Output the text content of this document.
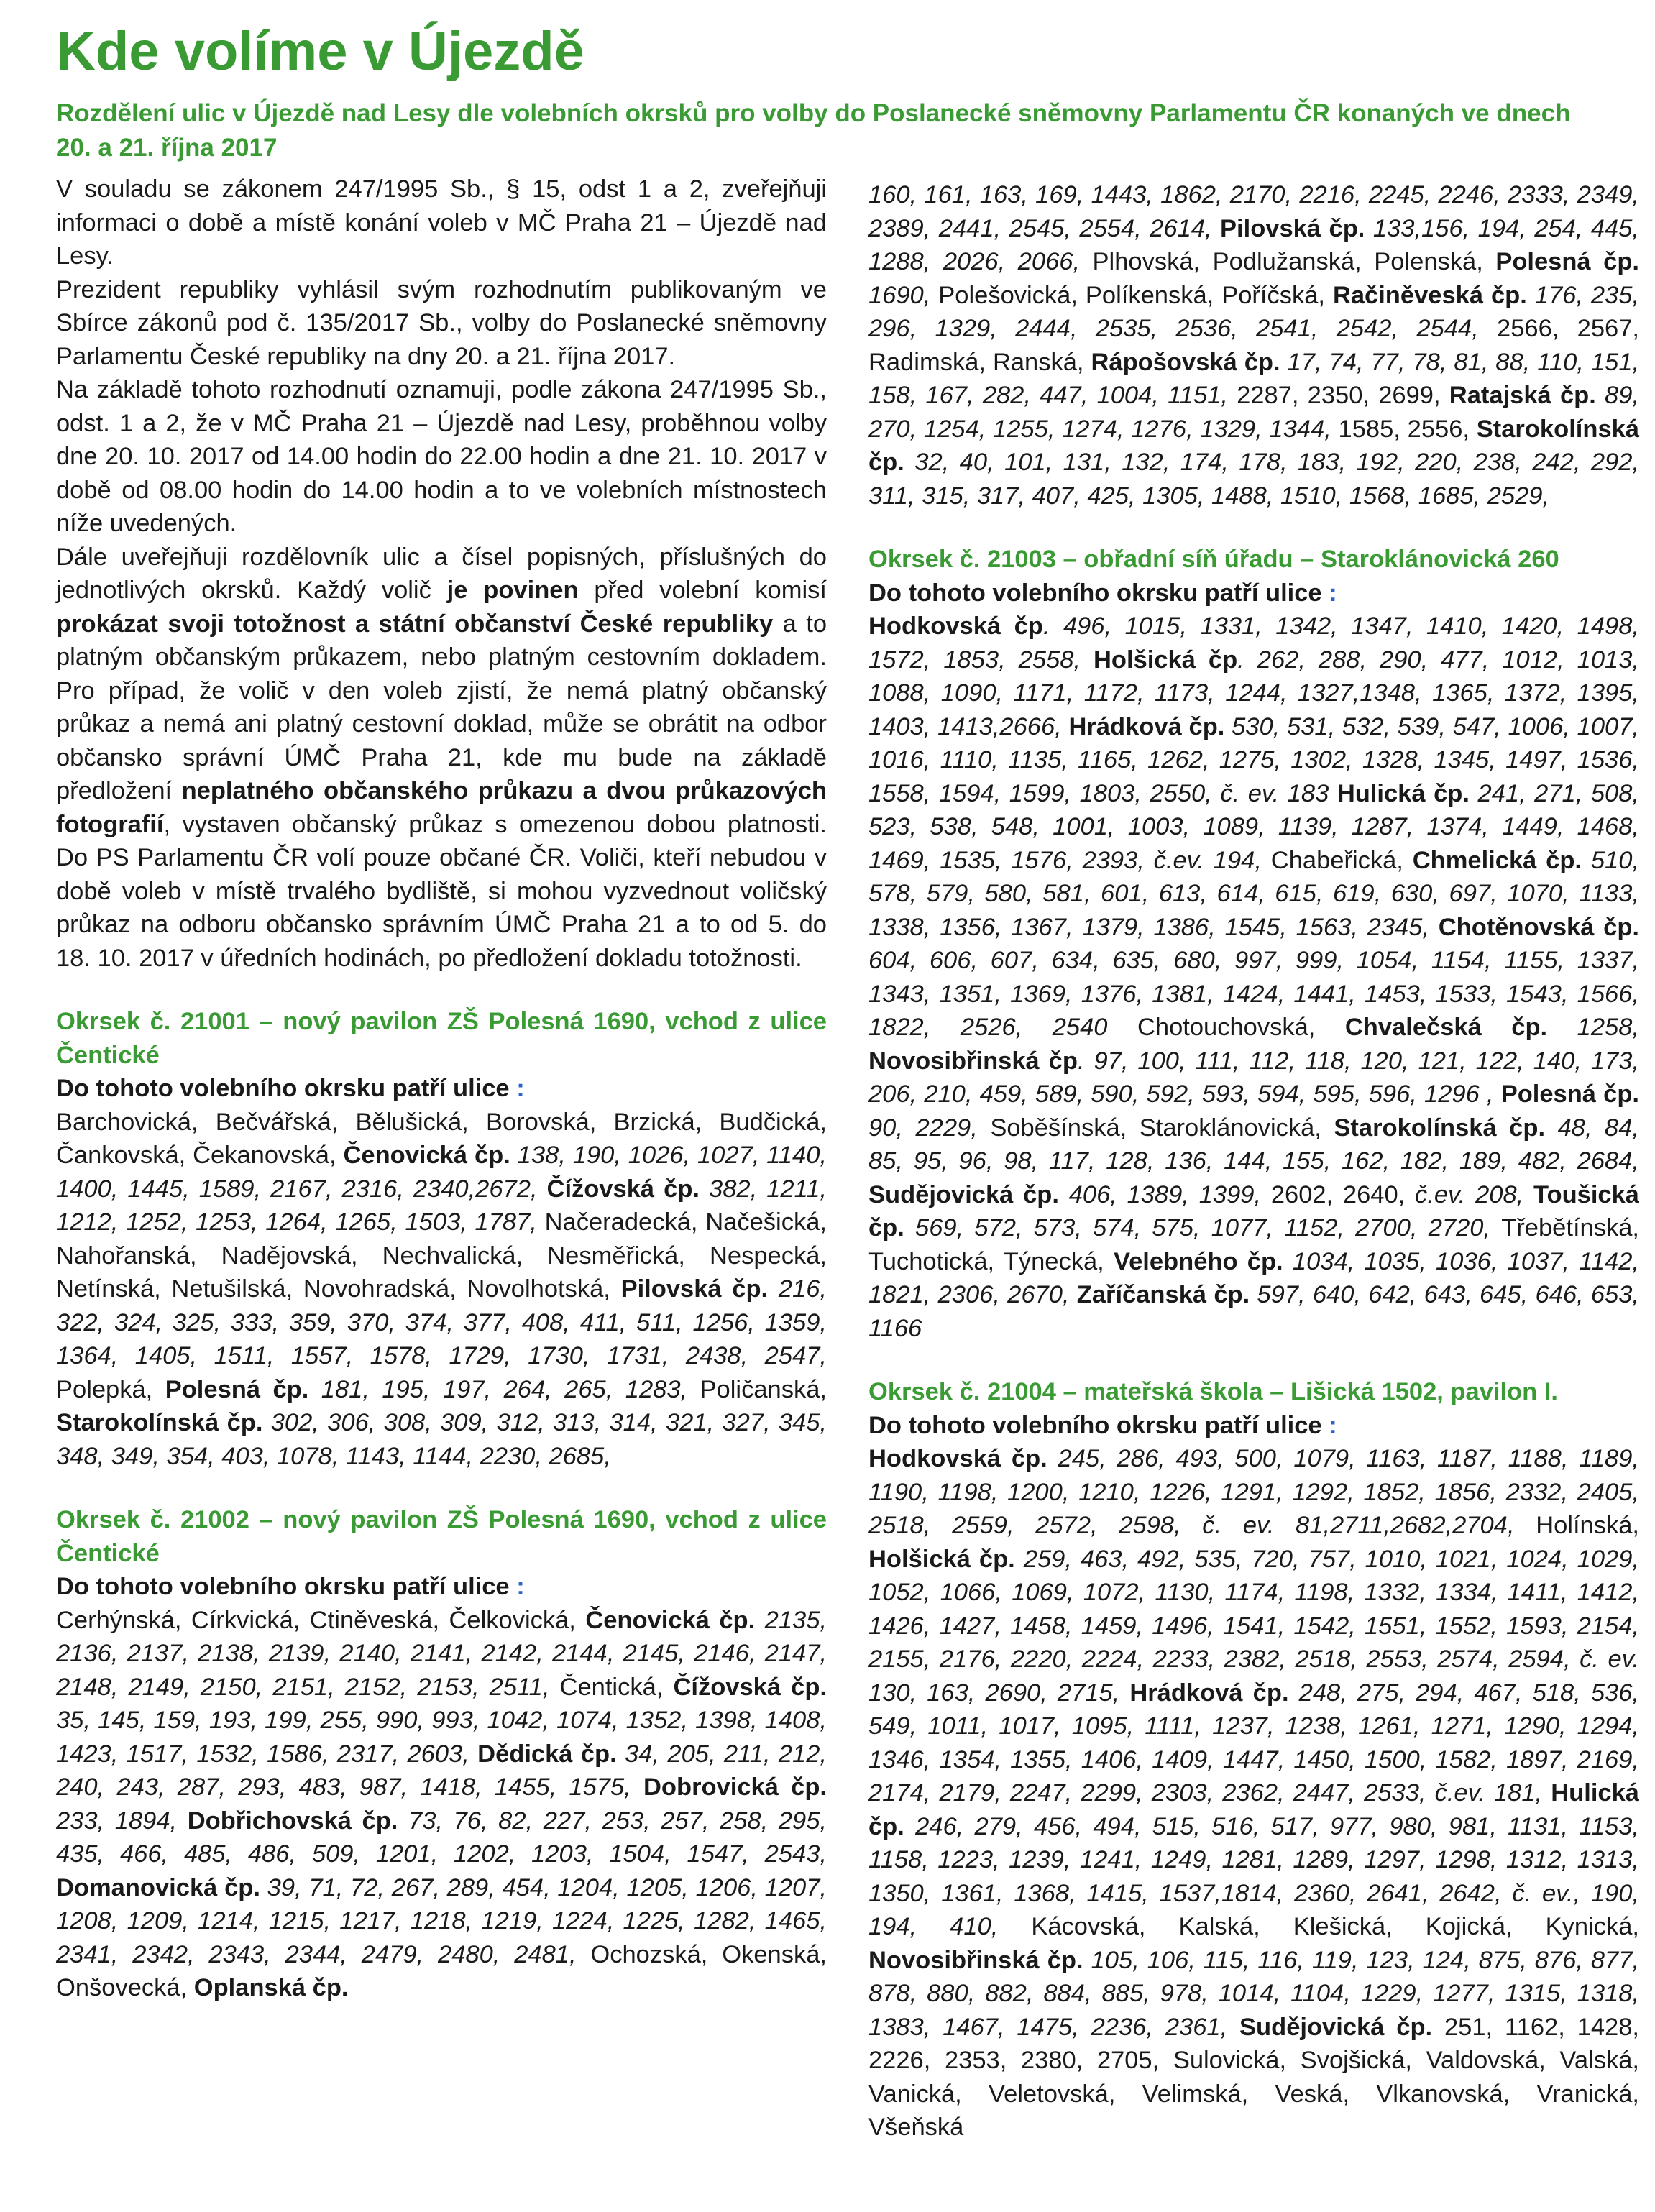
Kde volíme v Újezdě

Rozdělení ulic v Újezdě nad Lesy dle volebních okrsků pro volby do Poslanecké sněmovny Parlamentu ČR konaných ve dnech 20. a 21. října 2017

V souladu se zákonem 247/1995 Sb., § 15, odst 1 a 2, zveřejňuji informaci o době a místě konání voleb v MČ Praha 21 – Újezdě nad Lesy.

Prezident republiky vyhlásil svým rozhodnutím publikovaným ve Sbírce zákonů pod č. 135/2017 Sb., volby do Poslanecké sněmovny Parlamentu České republiky na dny 20. a 21. října 2017.

Na základě tohoto rozhodnutí oznamuji, podle zákona 247/1995 Sb., odst. 1 a 2, že v MČ Praha 21 – Újezdě nad Lesy, proběhnou volby dne 20. 10. 2017 od 14.00 hodin do 22.00 hodin a dne 21. 10. 2017 v době od 08.00 hodin do 14.00 hodin a to ve volebních místnostech níže uvedených.

Dále uveřejňuji rozdělovník ulic a čísel popisných, příslušných do jednotlivých okrsků. Každý volič je povinen před volební komisí prokázat svoji totožnost a státní občanství České republiky a to platným občanským průkazem, nebo platným cestovním dokladem. Pro případ, že volič v den voleb zjistí, že nemá platný občanský průkaz a nemá ani platný cestovní doklad, může se obrátit na odbor občansko správní ÚMČ Praha 21, kde mu bude na základě předložení neplatného občanského průkazu a dvou průkazových fotografií, vystaven občanský průkaz s omezenou dobou platnosti. Do PS Parlamentu ČR volí pouze občané ČR. Voliči, kteří nebudou v době voleb v místě trvalého bydliště, si mohou vyzvednout voličský průkaz na odboru občansko správním ÚMČ Praha 21 a to od 5. do 18. 10. 2017 v úředních hodinách, po předložení dokladu totožnosti.

Okrsek č. 21001 – nový pavilon ZŠ Polesná 1690, vchod z ulice Čentické

Do tohoto volebního okrsku patří ulice :

Barchovická, Bečvářská, Bělušická, Borovská, Brzická, Budčická, Čankovská, Čekanovská, Čenovická čp. 138, 190, 1026, 1027, 1140, 1400, 1445, 1589, 2167, 2316, 2340,2672, Čížovská čp. 382, 1211, 1212, 1252, 1253, 1264, 1265, 1503, 1787, Načeradecká, Načešická, Nahořanská, Nadějovská, Nechvalická, Nesměřická, Nespecká, Netínská, Netušilská, Novohradská, Novolhotská, Pilovská čp. 216, 322, 324, 325, 333, 359, 370, 374, 377, 408, 411, 511, 1256, 1359, 1364, 1405, 1511, 1557, 1578, 1729, 1730, 1731, 2438, 2547, Polepká, Polesná čp. 181, 195, 197, 264, 265, 1283, Poličanská, Starokolínská čp. 302, 306, 308, 309, 312, 313, 314, 321, 327, 345, 348, 349, 354, 403, 1078, 1143, 1144, 2230, 2685,

Okrsek č. 21002 – nový pavilon ZŠ Polesná 1690, vchod z ulice Čentické

Do tohoto volebního okrsku patří ulice :

Cerhýnská, Církvická, Ctiněveská, Čelkovická, Čenovická čp. 2135, 2136, 2137, 2138, 2139, 2140, 2141, 2142, 2144, 2145, 2146, 2147, 2148, 2149, 2150, 2151, 2152, 2153, 2511, Čentická, Čížovská čp. 35, 145, 159, 193, 199, 255, 990, 993, 1042, 1074, 1352, 1398, 1408, 1423, 1517, 1532, 1586, 2317, 2603, Dědická čp. 34, 205, 211, 212, 240, 243, 287, 293, 483, 987, 1418, 1455, 1575, Dobrovická čp. 233, 1894, Dobřichovská čp. 73, 76, 82, 227, 253, 257, 258, 295, 435, 466, 485, 486, 509, 1201, 1202, 1203, 1504, 1547, 2543, Domanovická čp. 39, 71, 72, 267, 289, 454, 1204, 1205, 1206, 1207, 1208, 1209, 1214, 1215, 1217, 1218, 1219, 1224, 1225, 1282, 1465, 2341, 2342, 2343, 2344, 2479, 2480, 2481, Ochozská, Okenská, Onšovecká, Oplanská čp.

160, 161, 163, 169, 1443, 1862, 2170, 2216, 2245, 2246, 2333, 2349, 2389, 2441, 2545, 2554, 2614, Pilovská čp. 133,156, 194, 254, 445, 1288, 2026, 2066, Plhovská, Podlužanská, Polenská, Polesná čp. 1690, Polešovická, Políkenská, Poříčská, Račiněveská čp. 176, 235, 296, 1329, 2444, 2535, 2536, 2541, 2542, 2544, 2566, 2567, Radimská, Ranská, Rápošovská čp. 17, 74, 77, 78, 81, 88, 110, 151, 158, 167, 282, 447, 1004, 1151, 2287, 2350, 2699, Ratajská čp. 89, 270, 1254, 1255, 1274, 1276, 1329, 1344, 1585, 2556, Starokolínská čp. 32, 40, 101, 131, 132, 174, 178, 183, 192, 220, 238, 242, 292, 311, 315, 317, 407, 425, 1305, 1488, 1510, 1568, 1685, 2529,

Okrsek č. 21003 – obřadní síň úřadu – Staroklánovická 260

Do tohoto volebního okrsku patří ulice :

Hodkovská čp. 496, 1015, 1331, 1342, 1347, 1410, 1420, 1498, 1572, 1853, 2558, Holšická čp. 262, 288, 290, 477, 1012, 1013, 1088, 1090, 1171, 1172, 1173, 1244, 1327,1348, 1365, 1372, 1395, 1403, 1413,2666, Hrádková čp. 530, 531, 532, 539, 547, 1006, 1007, 1016, 1110, 1135, 1165, 1262, 1275, 1302, 1328, 1345, 1497, 1536, 1558, 1594, 1599, 1803, 2550, č. ev. 183 Hulická čp. 241, 271, 508, 523, 538, 548, 1001, 1003, 1089, 1139, 1287, 1374, 1449, 1468, 1469, 1535, 1576, 2393, č.ev. 194, Chabeřická, Chmelická čp. 510, 578, 579, 580, 581, 601, 613, 614, 615, 619, 630, 697, 1070, 1133, 1338, 1356, 1367, 1379, 1386, 1545, 1563, 2345, Chotěnovská čp. 604, 606, 607, 634, 635, 680, 997, 999, 1054, 1154, 1155, 1337, 1343, 1351, 1369, 1376, 1381, 1424, 1441, 1453, 1533, 1543, 1566, 1822, 2526, 2540 Chotouchovská, Chvalečská čp. 1258, Novosibřinská čp. 97, 100, 111, 112, 118, 120, 121, 122, 140, 173, 206, 210, 459, 589, 590, 592, 593, 594, 595, 596, 1296 , Polesná čp. 90, 2229, Soběšínská, Staroklánovická, Starokolínská čp. 48, 84, 85, 95, 96, 98, 117, 128, 136, 144, 155, 162, 182, 189, 482, 2684, Sudějovická čp. 406, 1389, 1399, 2602, 2640, č.ev. 208, Toušická čp. 569, 572, 573, 574, 575, 1077, 1152, 2700, 2720, Třebětínská, Tuchotická, Týnecká, Velebného čp. 1034, 1035, 1036, 1037, 1142, 1821, 2306, 2670, Zaříčanská čp. 597, 640, 642, 643, 645, 646, 653, 1166

Okrsek č. 21004 – mateřská škola – Lišická 1502, pavilon I.

Do tohoto volebního okrsku patří ulice :

Hodkovská čp. 245, 286, 493, 500, 1079, 1163, 1187, 1188, 1189, 1190, 1198, 1200, 1210, 1226, 1291, 1292, 1852, 1856, 2332, 2405, 2518, 2559, 2572, 2598, č. ev. 81,2711,2682,2704, Holínská, Holšická čp. 259, 463, 492, 535, 720, 757, 1010, 1021, 1024, 1029, 1052, 1066, 1069, 1072, 1130, 1174, 1198, 1332, 1334, 1411, 1412, 1426, 1427, 1458, 1459, 1496, 1541, 1542, 1551, 1552, 1593, 2154, 2155, 2176, 2220, 2224, 2233, 2382, 2518, 2553, 2574, 2594, č. ev. 130, 163, 2690, 2715, Hrádková čp. 248, 275, 294, 467, 518, 536, 549, 1011, 1017, 1095, 1111, 1237, 1238, 1261, 1271, 1290, 1294, 1346, 1354, 1355, 1406, 1409, 1447, 1450, 1500, 1582, 1897, 2169, 2174, 2179, 2247, 2299, 2303, 2362, 2447, 2533, č.ev. 181, Hulická čp. 246, 279, 456, 494, 515, 516, 517, 977, 980, 981, 1131, 1153, 1158, 1223, 1239, 1241, 1249, 1281, 1289, 1297, 1298, 1312, 1313, 1350, 1361, 1368, 1415, 1537,1814, 2360, 2641, 2642, č. ev., 190, 194, 410, Kácovská, Kalská, Klešická, Kojická, Kynická, Novosibřinská čp. 105, 106, 115, 116, 119, 123, 124, 875, 876, 877, 878, 880, 882, 884, 885, 978, 1014, 1104, 1229, 1277, 1315, 1318, 1383, 1467, 1475, 2236, 2361, Sudějovická čp. 251, 1162, 1428, 2226, 2353, 2380, 2705, Sulovická, Svojšická, Valdovská, Valská, Vanická, Veletovská, Velimská, Veská, Vlkanovská, Vranická, Všeňská
